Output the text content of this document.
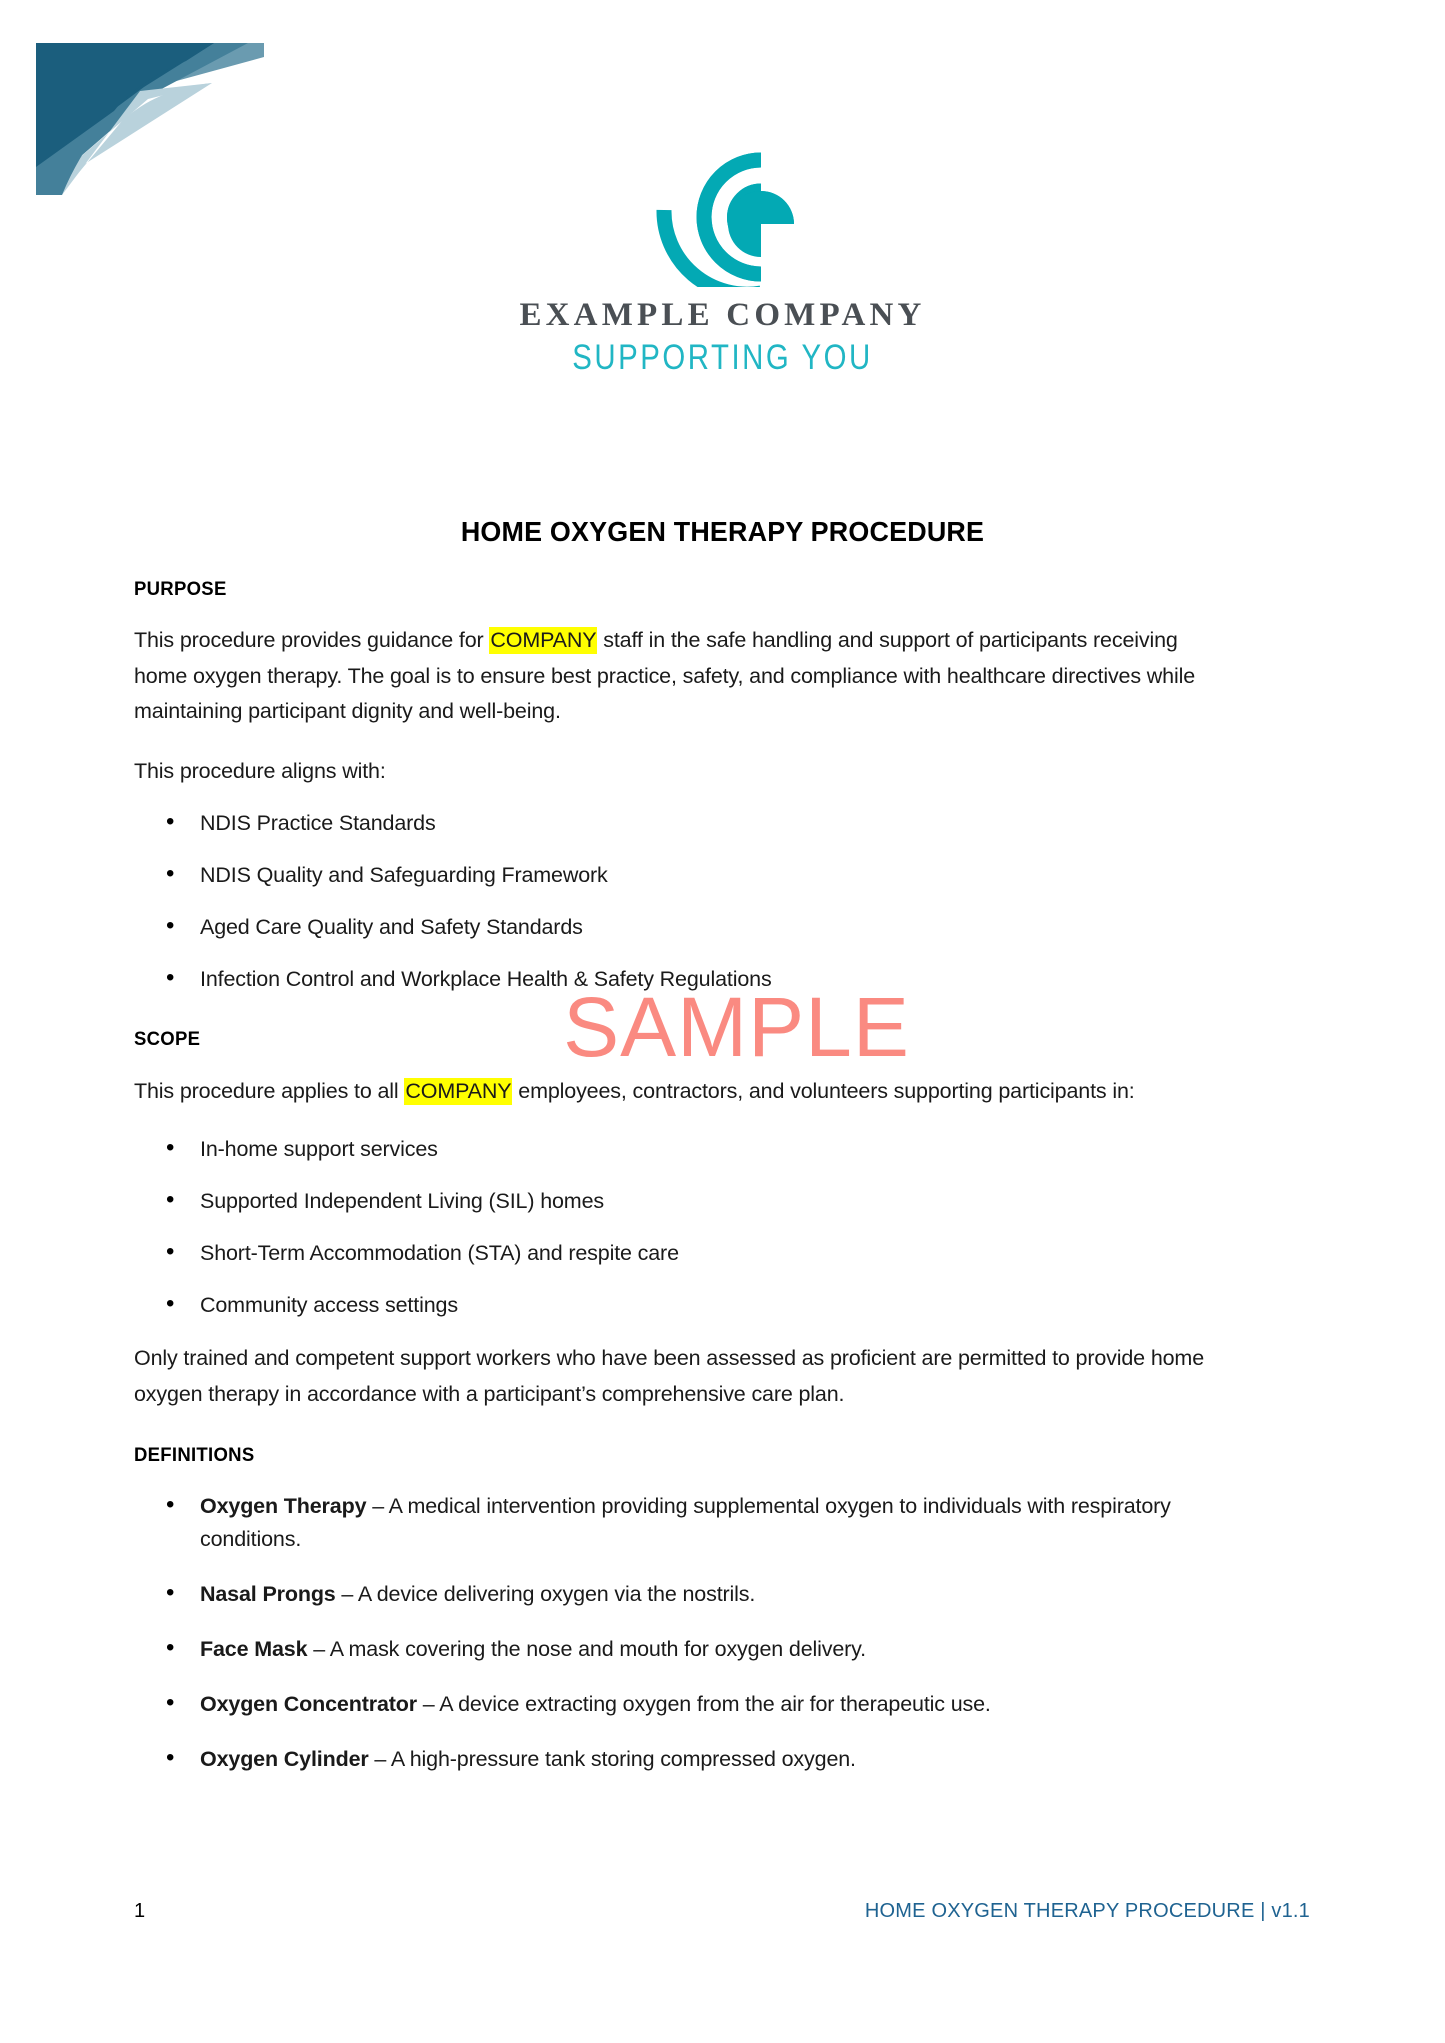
EXAMPLE COMPANY
SUPPORTING YOU
HOME OXYGEN THERAPY PROCEDURE
PURPOSE

This procedure provides guidance for COMPANY staff in the safe handling and support of participants receiving home oxygen therapy. The goal is to ensure best practice, safety, and compliance with healthcare directives while maintaining participant dignity and well-being.

This procedure aligns with:

• NDIS Practice Standards
• NDIS Quality and Safeguarding Framework
• Aged Care Quality and Safety Standards
• Infection Control and Workplace Health & Safety Regulations
SCOPE

This procedure applies to all COMPANY employees, contractors, and volunteers supporting participants in:

• In-home support services
• Supported Independent Living (SIL) homes
• Short-Term Accommodation (STA) and respite care
• Community access settings

Only trained and competent support workers who have been assessed as proficient are permitted to provide home oxygen therapy in accordance with a participant’s comprehensive care plan.

DEFINITIONS
• Oxygen Therapy – A medical intervention providing supplemental oxygen to individuals with respiratory conditions.
• Nasal Prongs – A device delivering oxygen via the nostrils.
• Face Mask – A mask covering the nose and mouth for oxygen delivery.
• Oxygen Concentrator – A device extracting oxygen from the air for therapeutic use.
• Oxygen Cylinder – A high-pressure tank storing compressed oxygen.
SAMPLE
1	HOME OXYGEN THERAPY PROCEDURE | v1.1
